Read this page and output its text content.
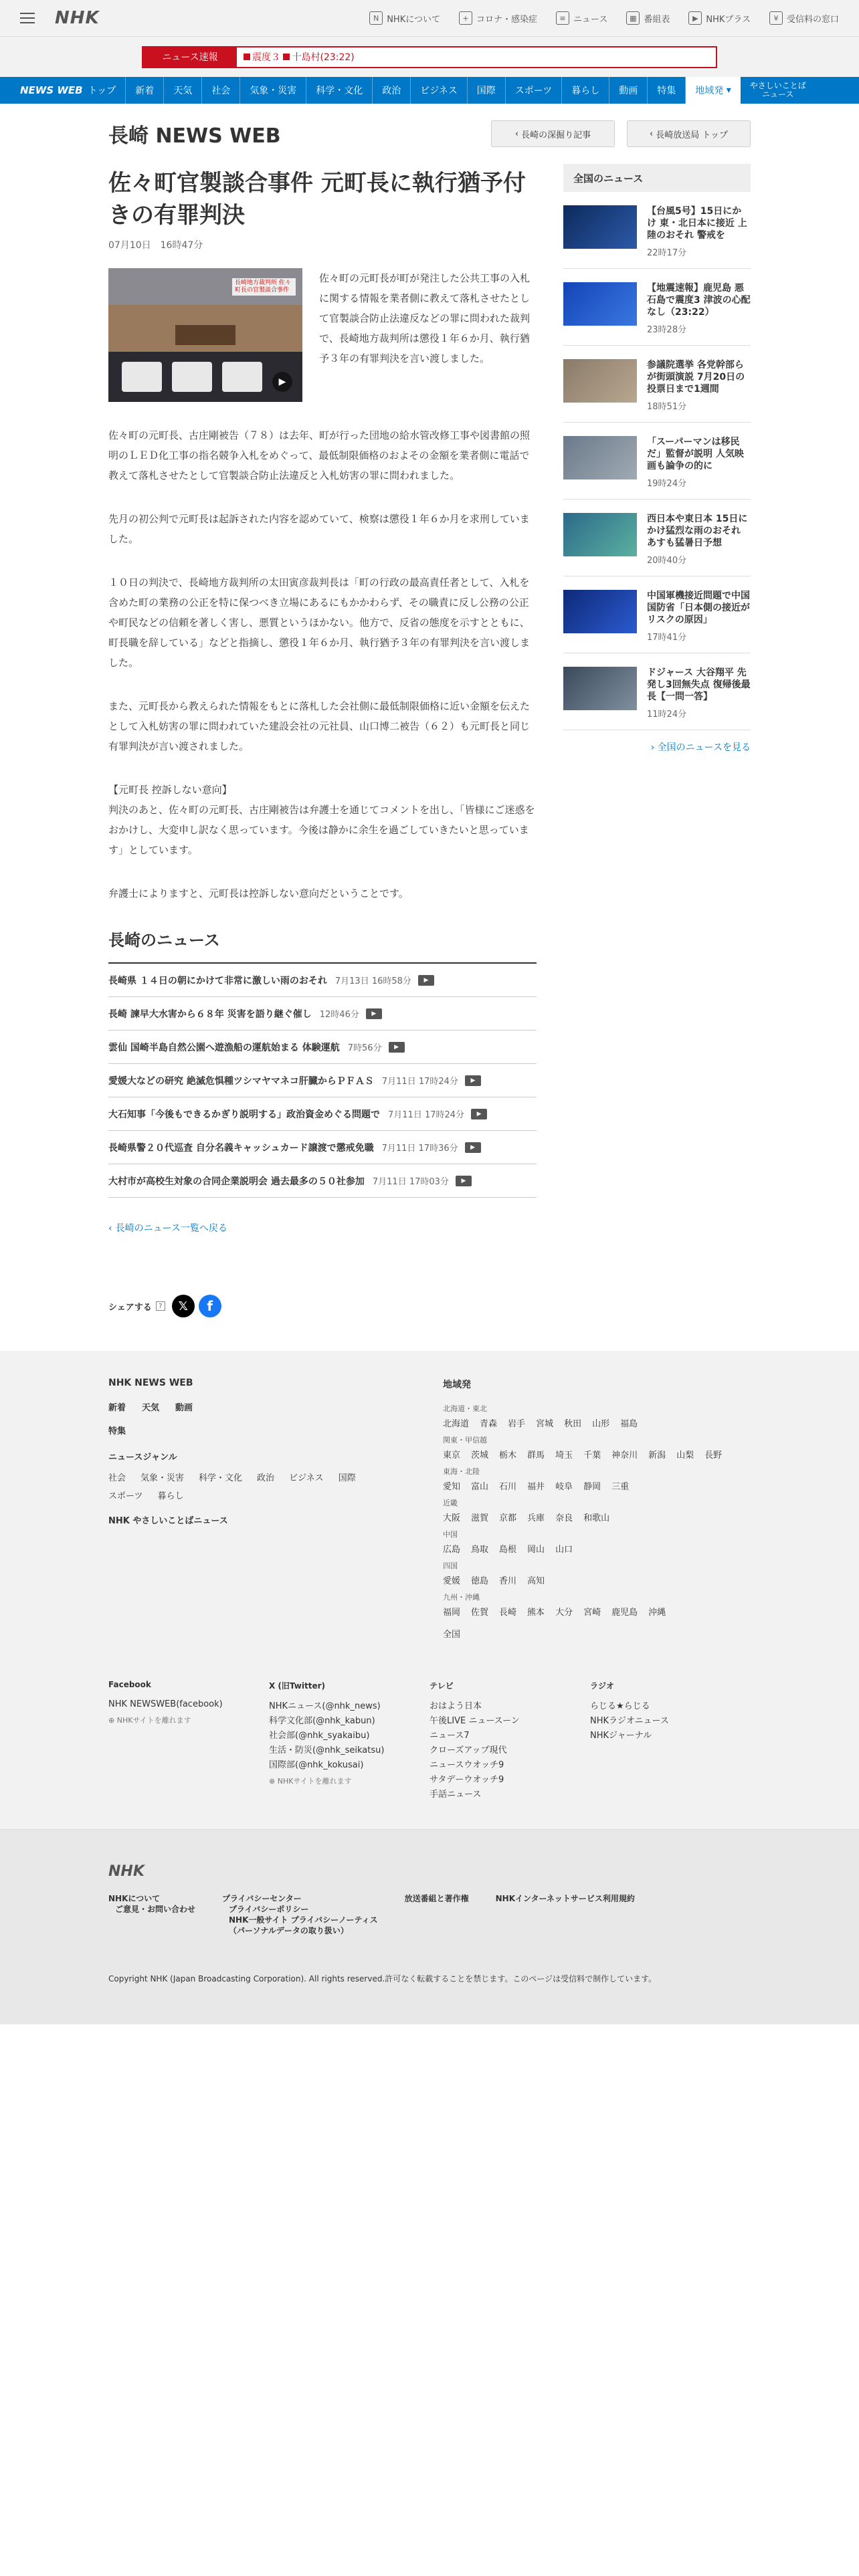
NHK	N NHKについて	+ コロナ・感染症	≡ ニュース	▦ 番組表	▶ NHKプラス	¥ 受信料の窓口
ニュース速報	震度３
十島村(23:22)
NEWS WEB トップ	新着	天気	社会	気象・災害	科学・文化	政治	ビジネス	国際	スポーツ	暮らし	動画	特集	地域発 ▾	やさしいことば
ニュース
長崎 NEWS WEB	‹ 長崎の深掘り記事	‹ 長崎放送局 トップ
佐々町官製談合事件 元町長に執行猶予付きの有罪判決
07月10日　16時47分
長崎地方裁判所 佐々町長の官製談合事件
▶
佐々町の元町長が町が発注した公共工事の入札に関する情報を業者側に教えて落札させたとして官製談合防止法違反などの罪に問われた裁判で、長崎地方裁判所は懲役１年６か月、執行猶予３年の有罪判決を言い渡しました。

佐々町の元町長、古庄剛被告（７８）は去年、町が行った団地の給水管改修工事や図書館の照明のＬＥＤ化工事の指名競争入札をめぐって、最低制限価格のおよその金額を業者側に電話で教えて落札させたとして官製談合防止法違反と入札妨害の罪に問われました。

先月の初公判で元町長は起訴された内容を認めていて、検察は懲役１年６か月を求刑していました。

１０日の判決で、長崎地方裁判所の太田寅彦裁判長は「町の行政の最高責任者として、入札を含めた町の業務の公正を特に保つべき立場にあるにもかかわらず、その職責に反し公務の公正や町民などの信頼を著しく害し、悪質というほかない。他方で、反省の態度を示すとともに、町長職を辞している」などと指摘し、懲役１年６か月、執行猶予３年の有罪判決を言い渡しました。

また、元町長から教えられた情報をもとに落札した会社側に最低制限価格に近い金額を伝えたとして入札妨害の罪に問われていた建設会社の元社員、山口博二被告（６２）も元町長と同じ有罪判決が言い渡されました。

【元町長 控訴しない意向】
判決のあと、佐々町の元町長、古庄剛被告は弁護士を通じてコメントを出し、「皆様にご迷惑をおかけし、大変申し訳なく思っています。今後は静かに余生を過ごしていきたいと思っています」としています。

弁護士によりますと、元町長は控訴しない意向だということです。

長崎のニュース
長崎県 １４日の朝にかけて非常に激しい雨のおそれ 7月13日 16時58分	▶
長崎 諫早大水害から６８年 災害を語り継ぐ催し 12時46分	▶
雲仙 国崎半島自然公園へ遊漁船の運航始まる 体験運航 7時56分	▶
愛媛大などの研究 絶滅危惧種ツシマヤマネコ肝臓からＰＦＡＳ 7月11日 17時24分	▶
大石知事「今後もできるかぎり説明する」政治資金めぐる問題で 7月11日 17時24分	▶
長崎県警２０代巡査 自分名義キャッシュカード譲渡で懲戒免職 7月11日 17時36分	▶
大村市が高校生対象の合同企業説明会 過去最多の５０社参加 7月11日 17時03分	▶
‹ 長崎のニュース一覧へ戻る
シェアする	?	𝕏	f
全国のニュース
【台風5号】15日にかけ 東・北日本に接近 上陸のおそれ 警戒を
22時17分
【地震速報】鹿児島 悪石島で震度3 津波の心配なし（23:22）
23時28分
参議院選挙 各党幹部らが街頭演説 7月20日の投票日まで1週間
18時51分
「スーパーマンは移民だ」監督が説明 人気映画も論争の的に
19時24分
西日本や東日本 15日にかけ猛烈な雨のおそれ あすも猛暑日予想
20時40分
中国軍機接近問題で中国国防省「日本側の接近がリスクの原因」
17時41分
ドジャース 大谷翔平 先発し3回無失点 復帰後最長【一問一答】
11時24分
› 全国のニュースを見る
NHK NEWS WEB
新着 天気 動画
特集
ニュースジャンル
社会 気象・災害 科学・文化 政治 ビジネス 国際
スポーツ 暮らし
NHK やさしいことばニュース
地域発
北海道・東北
北海道 青森 岩手 宮城 秋田 山形 福島
関東・甲信越
東京 茨城 栃木 群馬 埼玉 千葉 神奈川 新潟 山梨 長野
東海・北陸
愛知 富山 石川 福井 岐阜 静岡 三重
近畿
大阪 滋賀 京都 兵庫 奈良 和歌山
中国
広島 鳥取 島根 岡山 山口
四国
愛媛 徳島 香川 高知
九州・沖縄
福岡 佐賀 長崎 熊本 大分 宮崎 鹿児島 沖縄
全国
Facebook
NHK NEWSWEB(facebook)
⊕ NHKサイトを離れます
X (旧Twitter)
NHKニュース(@nhk_news)
科学文化部(@nhk_kabun)
社会部(@nhk_syakaibu)
生活・防災(@nhk_seikatsu)
国際部(@nhk_kokusai)
⊕ NHKサイトを離れます
テレビ
おはよう日本
午後LIVE ニュースーン
ニュース7
クローズアップ現代
ニュースウオッチ9
サタデーウオッチ9
手話ニュース
ラジオ
らじる★らじる
NHKラジオニュース
NHKジャーナル
NHK
NHKについて
ご意見・お問い合わせ
プライバシーセンター
プライバシーポリシー
NHK一般サイト プライバシーノーティス
（パーソナルデータの取り扱い）
放送番組と著作権	NHKインターネットサービス利用規約
Copyright NHK (Japan Broadcasting Corporation). All rights reserved.許可なく転載することを禁じます。このページは受信料で制作しています。
